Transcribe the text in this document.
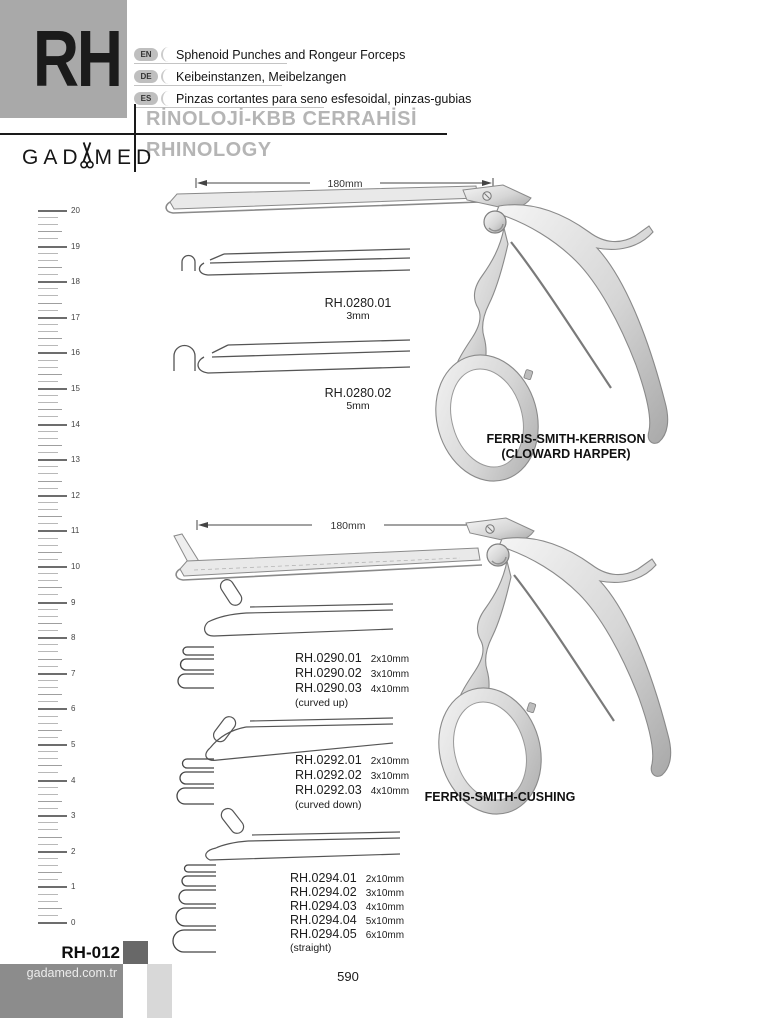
RH	EN	Sphenoid Punches and Rongeur Forceps
DE	Keibeinstanzen, Meibelzangen
ES	Pinzas cortantes para seno esfesoidal, pinzas-gubias
RİNOLOJİ-KBB CERRAHİSİ
RHINOLOGY
GAD MED
20
19
18
17
16
15
14
13
12
11
10
9
8
7
6
5
4
3
2
1
0
180mm
RH.0280.01
3mm
RH.0280.02
5mm
FERRIS-SMITH-KERRISON
(CLOWARD HARPER)
180mm
RH.0290.01 2x10mm
RH.0290.02 3x10mm
RH.0290.03 4x10mm
(curved up)
RH.0292.01 2x10mm
RH.0292.02 3x10mm
RH.0292.03 4x10mm
(curved down)
FERRIS-SMITH-CUSHING
RH.0294.01 2x10mm
RH.0294.02 3x10mm
RH.0294.03 4x10mm
RH.0294.04 5x10mm
RH.0294.05 6x10mm
(straight)
590
RH-012
gadamed.com.tr
